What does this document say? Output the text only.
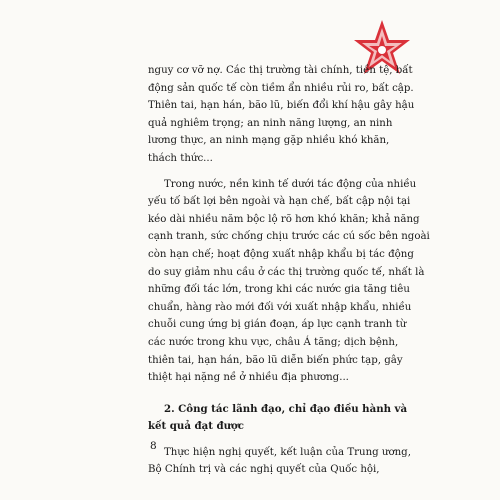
nguy cơ vỡ nợ. Các thị trường tài chính, tiền tệ, bất
động sản quốc tế còn tiềm ẩn nhiều rủi ro, bất cập.
Thiên tai, hạn hán, bão lũ, biến đổi khí hậu gây hậu
quả nghiêm trọng; an ninh năng lượng, an ninh
lương thực, an ninh mạng gặp nhiều khó khăn,
thách thức...
Trong nước, nền kinh tế dưới tác động của nhiều
yếu tố bất lợi bên ngoài và hạn chế, bất cập nội tại
kéo dài nhiều năm bộc lộ rõ hơn khó khăn; khả năng
cạnh tranh, sức chống chịu trước các cú sốc bên ngoài
còn hạn chế; hoạt động xuất nhập khẩu bị tác động
do suy giảm nhu cầu ở các thị trường quốc tế, nhất là
những đối tác lớn, trong khi các nước gia tăng tiêu
chuẩn, hàng rào mới đối với xuất nhập khẩu, nhiều
chuỗi cung ứng bị gián đoạn, áp lực cạnh tranh từ
các nước trong khu vực, châu Á tăng; dịch bệnh,
thiên tai, hạn hán, bão lũ diễn biến phức tạp, gây
thiệt hại nặng nề ở nhiều địa phương...
2. Công tác lãnh đạo, chỉ đạo điều hành và
kết quả đạt được
Thực hiện nghị quyết, kết luận của Trung ương,
Bộ Chính trị và các nghị quyết của Quốc hội,
8
